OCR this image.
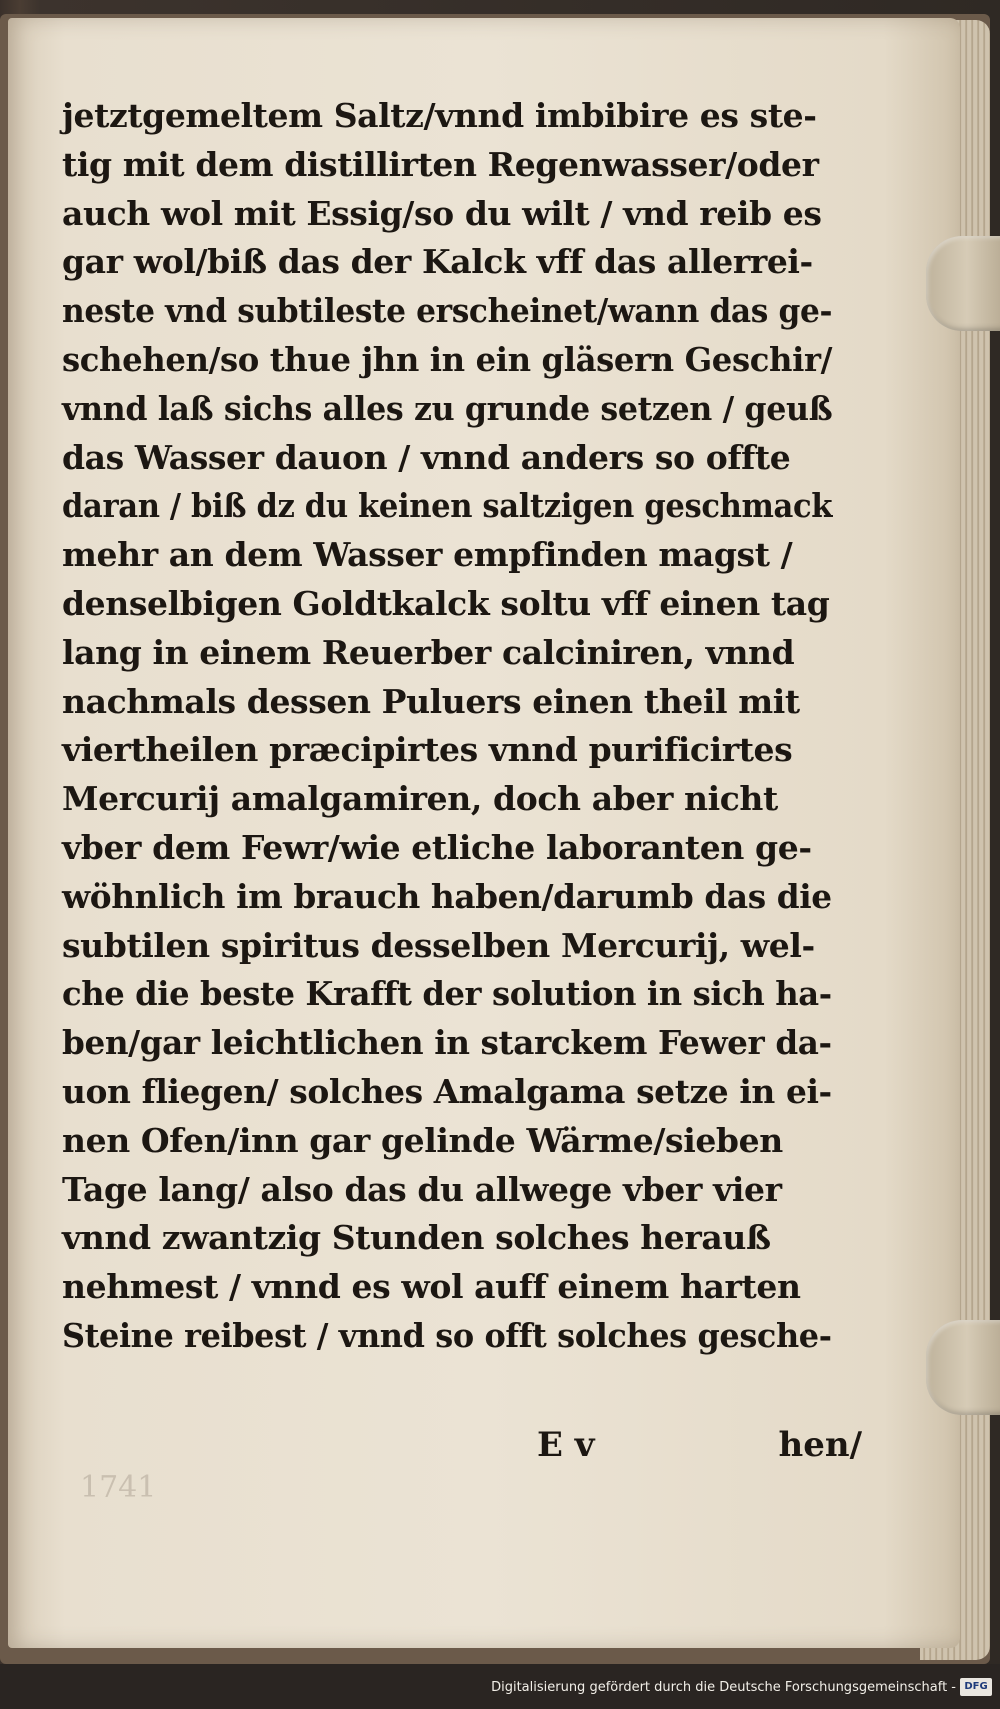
jetztgemeltem Saltz/vnnd imbibire es ste-
tig mit dem distillirten Regenwasser/oder
auch wol mit Essig/so du wilt / vnd reib es
gar wol/biß das der Kalck vff das allerrei-
neste vnd subtileste erscheinet/wann das ge-
schehen/so thue jhn in ein gläsern Geschir/
vnnd laß sichs alles zu grunde setzen / geuß
das Wasser dauon / vnnd anders so offte
daran / biß dz du keinen saltzigen geschmack
mehr an dem Wasser empfinden magst /
denselbigen Goldtkalck soltu vff einen tag
lang in einem Reuerber calciniren, vnnd
nachmals dessen Puluers einen theil mit
viertheilen præcipirtes vnnd purificirtes
Mercurij amalgamiren, doch aber nicht
vber dem Fewr/wie etliche laboranten ge-
wöhnlich im brauch haben/darumb das die
subtilen spiritus desselben Mercurij, wel-
che die beste Krafft der solution in sich ha-
ben/gar leichtlichen in starckem Fewer da-
uon fliegen/ solches Amalgama setze in ei-
nen Ofen/inn gar gelinde Wärme/sieben
Tage lang/ also das du allwege vber vier
vnnd zwantzig Stunden solches herauß
nehmest / vnnd es wol auff einem harten
Steine reibest / vnnd so offt solches gesche-
E v	hen/
1741
Digitalisierung gefördert durch die Deutsche Forschungsgemeinschaft - DFG
